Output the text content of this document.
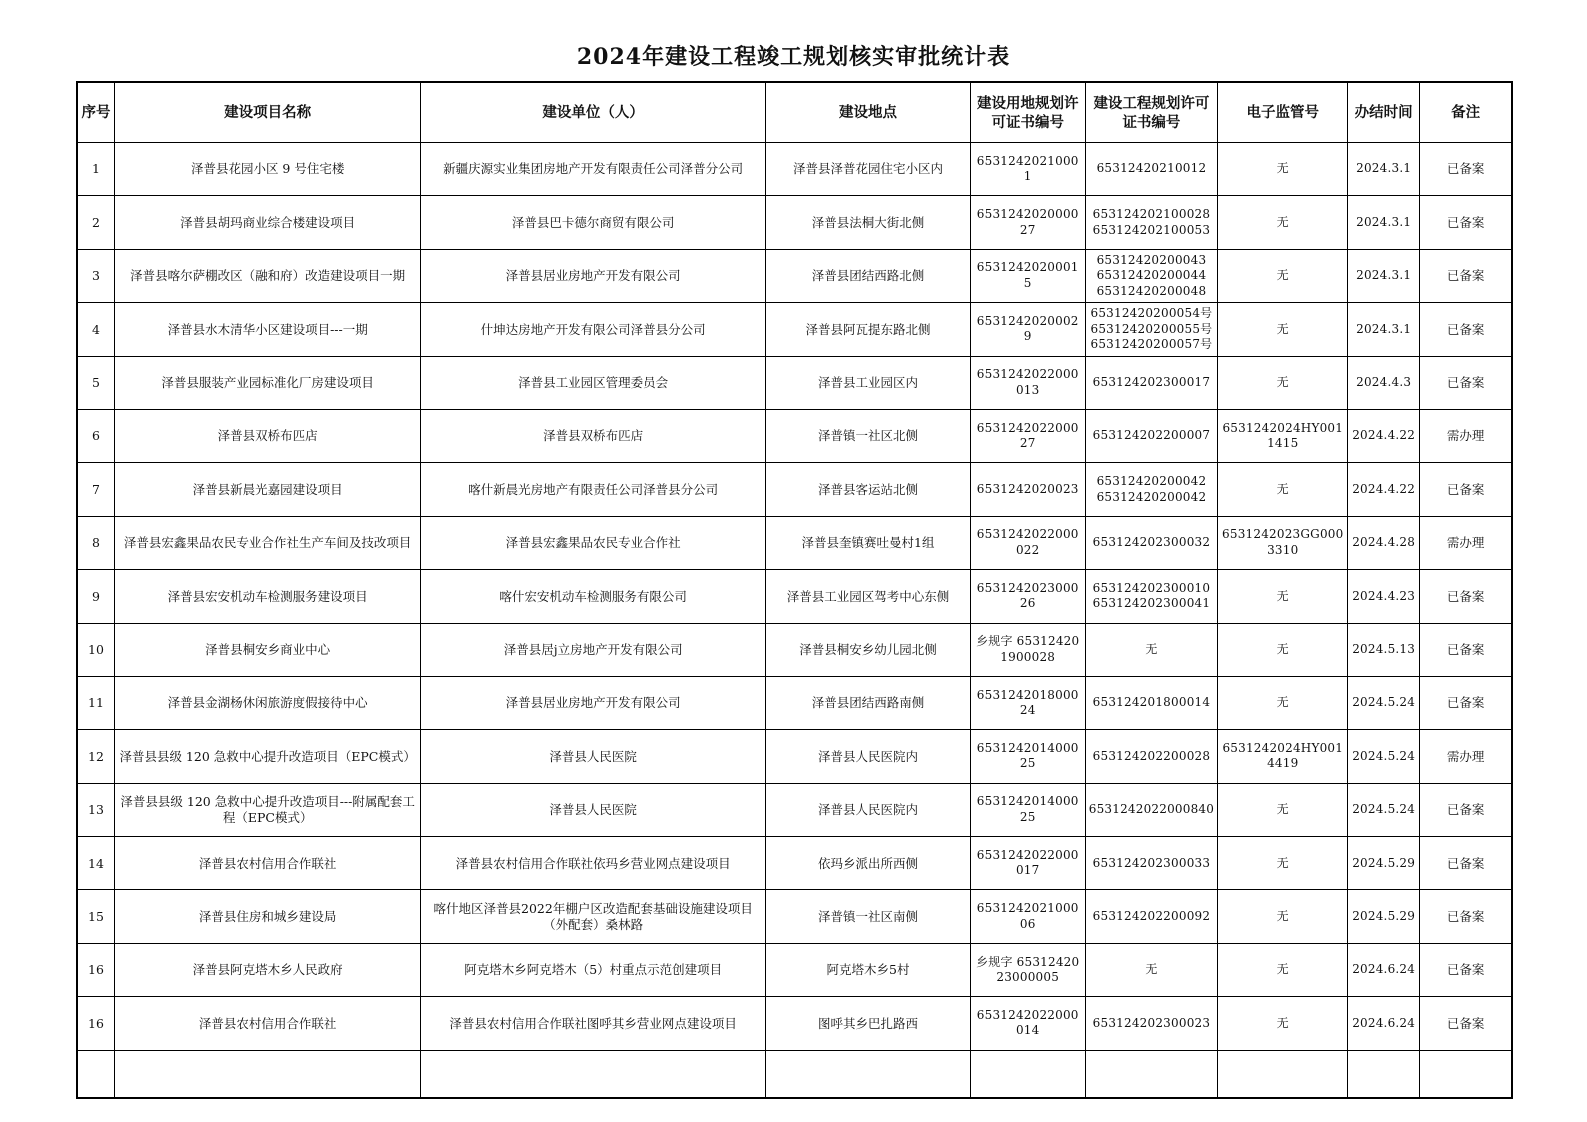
2024年建设工程竣工规划核实审批统计表
序号	建设项目名称	建设单位（人）	建设地点	建设用地规划许可证书编号	建设工程规划许可证书编号	电子监管号	办结时间	备注
1	泽普县花园小区 9 号住宅楼	新疆庆源实业集团房地产开发有限责任公司泽普分公司	泽普县泽普花园住宅小区内	65312420210001	65312420210012	无	2024.3.1	已备案
2	泽普县胡玛商业综合楼建设项目	泽普县巴卡德尔商贸有限公司	泽普县法桐大街北侧	653124202000027	653124202100028
653124202100053	无	2024.3.1	已备案
3	泽普县喀尔萨棚改区（融和府）改造建设项目一期	泽普县居业房地产开发有限公司	泽普县团结西路北侧	65312420200015	65312420200043
65312420200044
65312420200048	无	2024.3.1	已备案
4	泽普县水木清华小区建设项目---一期	什坤达房地产开发有限公司泽普县分公司	泽普县阿瓦提东路北侧	65312420200029	65312420200054号
65312420200055号
65312420200057号	无	2024.3.1	已备案
5	泽普县服装产业园标准化厂房建设项目	泽普县工业园区管理委员会	泽普县工业园区内	6531242022000013	653124202300017	无	2024.4.3	已备案
6	泽普县双桥布匹店	泽普县双桥布匹店	泽普镇一社区北侧	653124202200027	653124202200007	6531242024HY0011415	2024.4.22	需办理
7	泽普县新晨光嘉园建设项目	喀什新晨光房地产有限责任公司泽普县分公司	泽普县客运站北侧	6531242020023	65312420200042
65312420200042	无	2024.4.22	已备案
8	泽普县宏鑫果品农民专业合作社生产车间及技改项目	泽普县宏鑫果品农民专业合作社	泽普县奎镇赛吐曼村1组	6531242022000022	653124202300032	6531242023GG0003310	2024.4.28	需办理
9	泽普县宏安机动车检测服务建设项目	喀什宏安机动车检测服务有限公司	泽普县工业园区驾考中心东侧	653124202300026	653124202300010
653124202300041	无	2024.4.23	已备案
10	泽普县桐安乡商业中心	泽普县居j立房地产开发有限公司	泽普县桐安乡幼儿园北侧	乡规字 653124201900028	无	无	2024.5.13	已备案
11	泽普县金湖杨休闲旅游度假接待中心	泽普县居业房地产开发有限公司	泽普县团结西路南侧	653124201800024	653124201800014	无	2024.5.24	已备案
12	泽普县县级 120 急救中心提升改造项目（EPC模式）	泽普县人民医院	泽普县人民医院内	653124201400025	653124202200028	6531242024HY0014419	2024.5.24	需办理
13	泽普县县级 120 急救中心提升改造项目---附属配套工程（EPC模式）	泽普县人民医院	泽普县人民医院内	653124201400025	6531242022000840	无	2024.5.24	已备案
14	泽普县农村信用合作联社	泽普县农村信用合作联社依玛乡营业网点建设项目	依玛乡派出所西侧	6531242022000017	653124202300033	无	2024.5.29	已备案
15	泽普县住房和城乡建设局	喀什地区泽普县2022年棚户区改造配套基础设施建设项目（外配套）桑林路	泽普镇一社区南侧	653124202100006	653124202200092	无	2024.5.29	已备案
16	泽普县阿克塔木乡人民政府	阿克塔木乡阿克塔木（5）村重点示范创建项目	阿克塔木乡5村	乡规字 6531242023000005	无	无	2024.6.24	已备案
16	泽普县农村信用合作联社	泽普县农村信用合作联社图呼其乡营业网点建设项目	图呼其乡巴扎路西	6531242022000014	653124202300023	无	2024.6.24	已备案
